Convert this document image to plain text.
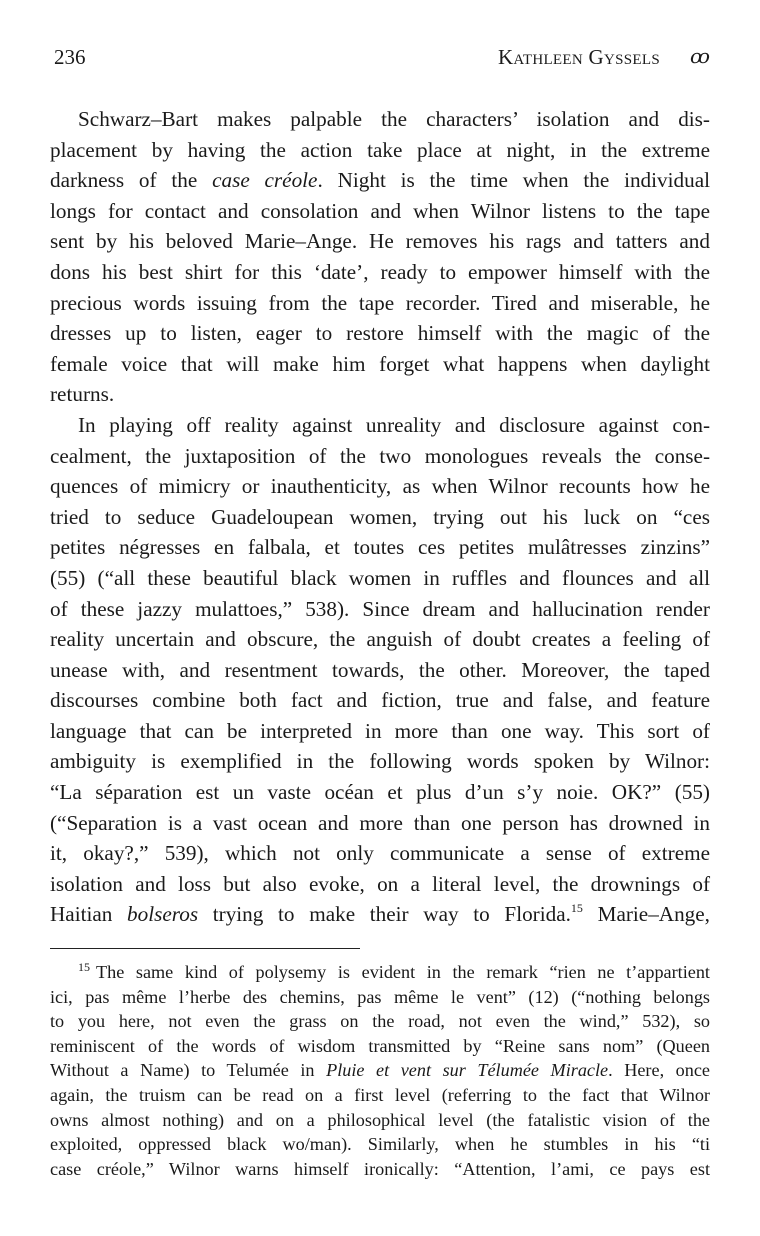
236	Kathleen Gyssels ꝏ
Schwarz–Bart makes palpable the characters’ isolation and dis-
placement by having the action take place at night, in the extreme
darkness of the case créole. Night is the time when the individual
longs for contact and consolation and when Wilnor listens to the tape
sent by his beloved Marie–Ange. He removes his rags and tatters and
dons his best shirt for this ‘date’, ready to empower himself with the
precious words issuing from the tape recorder. Tired and miserable, he
dresses up to listen, eager to restore himself with the magic of the
female voice that will make him forget what happens when daylight
returns.
In playing off reality against unreality and disclosure against con-
cealment, the juxtaposition of the two monologues reveals the conse-
quences of mimicry or inauthenticity, as when Wilnor recounts how he
tried to seduce Guadeloupean women, trying out his luck on “ces
petites négresses en falbala, et toutes ces petites mulâtresses zinzins”
(55) (“all these beautiful black women in ruffles and flounces and all
of these jazzy mulattoes,” 538). Since dream and hallucination render
reality uncertain and obscure, the anguish of doubt creates a feeling of
unease with, and resentment towards, the other. Moreover, the taped
discourses combine both fact and fiction, true and false, and feature
language that can be interpreted in more than one way. This sort of
ambiguity is exemplified in the following words spoken by Wilnor:
“La séparation est un vaste océan et plus d’un s’y noie. OK?” (55)
(“Separation is a vast ocean and more than one person has drowned in
it, okay?,” 539), which not only communicate a sense of extreme
isolation and loss but also evoke, on a literal level, the drownings of
Haitian bolseros trying to make their way to Florida.$^{15}$ Marie–Ange,
$^{15}$ The same kind of polysemy is evident in the remark “rien ne t’appartient
ici, pas même l’herbe des chemins, pas même le vent” (12) (“nothing belongs
to you here, not even the grass on the road, not even the wind,” 532), so
reminiscent of the words of wisdom transmitted by “Reine sans nom” (Queen
Without a Name) to Telumée in Pluie et vent sur Télumée Miracle. Here, once
again, the truism can be read on a first level (referring to the fact that Wilnor
owns almost nothing) and on a philosophical level (the fatalistic vision of the
exploited, oppressed black wo/man). Similarly, when he stumbles in his “ti
case créole,” Wilnor warns himself ironically: “Attention, l’ami, ce pays est
